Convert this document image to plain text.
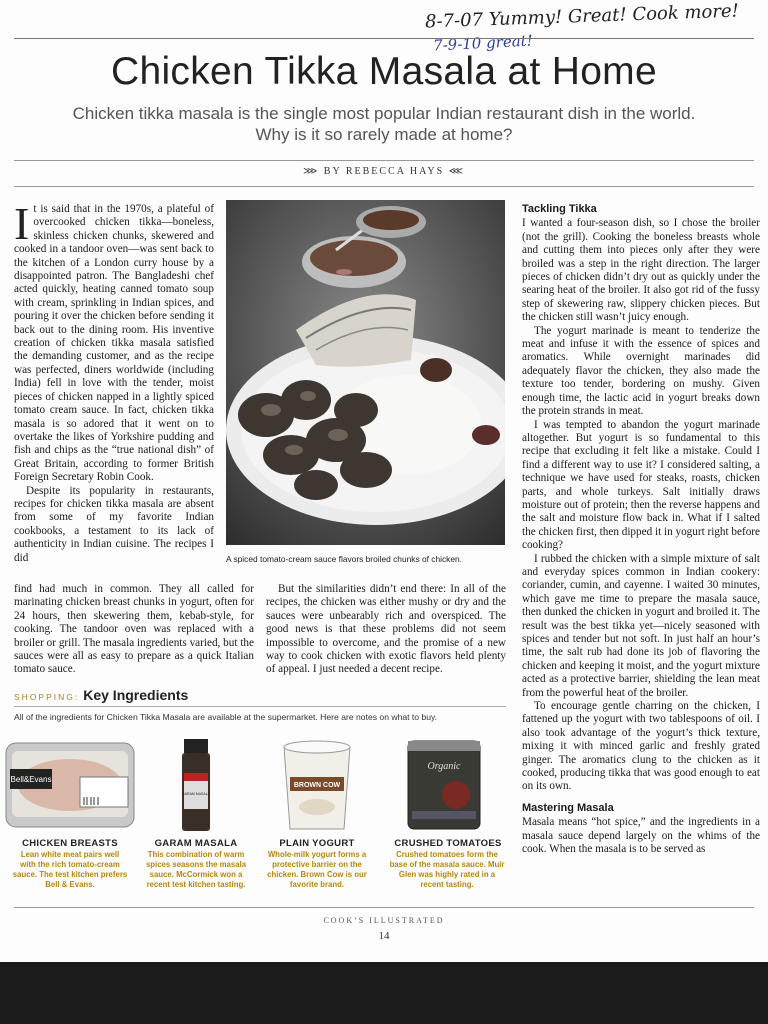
8-7-07 Yummy! Great! Cook more!
7-9-10 great!
Chicken Tikka Masala at Home
Chicken tikka masala is the single most popular Indian restaurant dish in the world.
Why is it so rarely made at home?
⋙ BY REBECCA HAYS ⋘

It is said that in the 1970s, a plateful of overcooked chicken tikka—boneless, skinless chicken chunks, skewered and cooked in a tandoor oven—was sent back to the kitchen of a London curry house by a disappointed patron. The Bangladeshi chef acted quickly, heating canned tomato soup with cream, sprinkling in Indian spices, and pouring it over the chicken before sending it back out to the dining room. His inventive creation of chicken tikka masala satisfied the demanding customer, and as the recipe was perfected, diners worldwide (including India) fell in love with the tender, moist pieces of chicken napped in a lightly spiced tomato cream sauce. In fact, chicken tikka masala is so adored that it went on to overtake the likes of Yorkshire pudding and fish and chips as the “true national dish” of Great Britain, according to former British Foreign Secretary Robin Cook.

Despite its popularity in restaurants, recipes for chicken tikka masala are absent from some of my favorite Indian cookbooks, a testament to its lack of authenticity in Indian cuisine. The recipes I did	A spiced tomato-cream sauce flavors broiled chunks of chicken.

find had much in common. They all called for marinating chicken breast chunks in yogurt, often for 24 hours, then skewering them, kebab-style, for cooking. The tandoor oven was replaced with a broiler or grill. The masala ingredients varied, but the sauces were all as easy to prepare as a quick Italian tomato sauce.

But the similarities didn’t end there: In all of the recipes, the chicken was either mushy or dry and the sauces were unbearably rich and overspiced. The good news is that these problems did not seem impossible to overcome, and the promise of a new way to cook chicken with exotic flavors held plenty of appeal. I just needed a decent recipe.

Tackling Tikka

I wanted a four-season dish, so I chose the broiler (not the grill). Cooking the boneless breasts whole and cutting them into pieces only after they were broiled was a step in the right direction. The larger pieces of chicken didn’t dry out as quickly under the searing heat of the broiler. It also got rid of the fussy step of skewering raw, slippery chicken pieces. But the chicken still wasn’t juicy enough.

The yogurt marinade is meant to tenderize the meat and infuse it with the essence of spices and aromatics. While overnight marinades did adequately flavor the chicken, they also made the texture too tender, bordering on mushy. Given enough time, the lactic acid in yogurt breaks down the protein strands in meat.

I was tempted to abandon the yogurt marinade altogether. But yogurt is so fundamental to this recipe that excluding it felt like a mistake. Could I find a different way to use it? I considered salting, a technique we have used for steaks, roasts, chicken parts, and whole turkeys. Salt initially draws moisture out of protein; then the reverse happens and the salt and moisture flow back in. What if I salted the chicken first, then dipped it in yogurt right before cooking?

I rubbed the chicken with a simple mixture of salt and everyday spices common in Indian cookery: coriander, cumin, and cayenne. I waited 30 minutes, which gave me time to prepare the masala sauce, then dunked the chicken in yogurt and broiled it. The result was the best tikka yet—nicely seasoned with spices and tender but not soft. In just half an hour’s time, the salt rub had done its job of flavoring the chicken and keeping it moist, and the yogurt mixture acted as a protective barrier, shielding the lean meat from the powerful heat of the broiler.

To encourage gentle charring on the chicken, I fattened up the yogurt with two tablespoons of oil. I also took advantage of the yogurt’s thick texture, mixing it with minced garlic and freshly grated ginger. The aromatics clung to the chicken as it cooked, producing tikka that was good enough to eat on its own.

Mastering Masala

Masala means “hot spice,” and the ingredients in a masala sauce depend largely on the whims of the cook. When the masala is to be served as

SHOPPING: Key Ingredients
All of the ingredients for Chicken Tikka Masala are available at the supermarket. Here are notes on what to buy.
Bell&Evans
GARAM MASALA
BROWN COW
Organic
CHICKEN BREASTS
Lean white meat pairs well with the rich tomato-cream sauce. The test kitchen prefers Bell & Evans.
GARAM MASALA
This combination of warm spices seasons the masala sauce. McCormick won a recent test kitchen tasting.
PLAIN YOGURT
Whole-milk yogurt forms a protective barrier on the chicken. Brown Cow is our favorite brand.
CRUSHED TOMATOES
Crushed tomatoes form the base of the masala sauce. Muir Glen was highly rated in a recent tasting.
COOK’S ILLUSTRATED
14
